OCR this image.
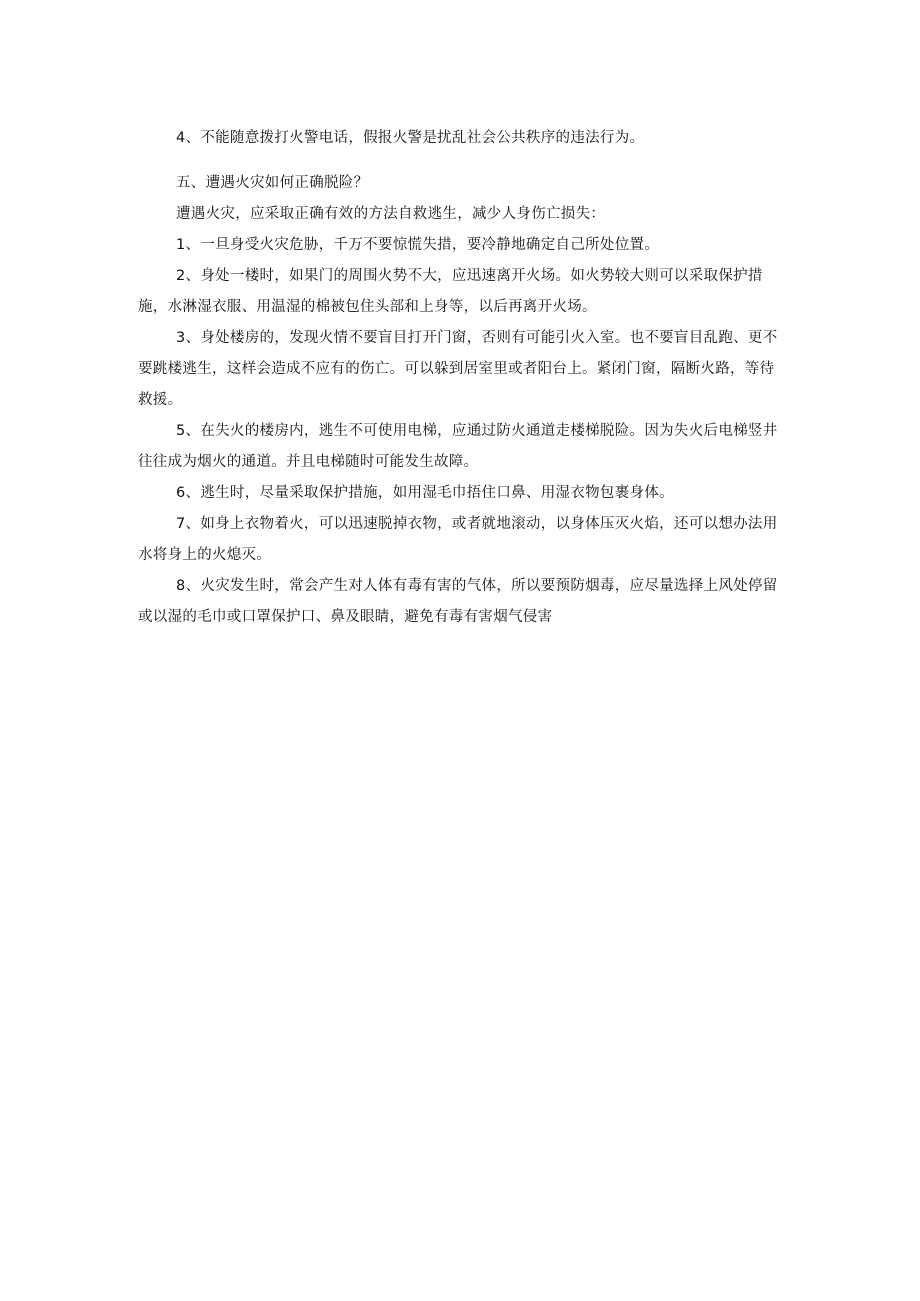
4、不能随意拨打火警电话，假报火警是扰乱社会公共秩序的违法行为。

五、遭遇火灾如何正确脱险？

遭遇火灾，应采取正确有效的方法自救逃生，减少人身伤亡损失：

1、一旦身受火灾危胁，千万不要惊慌失措，要冷静地确定自己所处位置。

2、身处一楼时，如果门的周围火势不大，应迅速离开火场。如火势较大则可以采取保护措施，水淋湿衣服、用温湿的棉被包住头部和上身等，以后再离开火场。

3、身处楼房的，发现火情不要盲目打开门窗，否则有可能引火入室。也不要盲目乱跑、更不要跳楼逃生，这样会造成不应有的伤亡。可以躲到居室里或者阳台上。紧闭门窗，隔断火路，等待救援。

5、在失火的楼房内，逃生不可使用电梯，应通过防火通道走楼梯脱险。因为失火后电梯竖井往往成为烟火的通道。并且电梯随时可能发生故障。

6、逃生时，尽量采取保护措施，如用湿毛巾捂住口鼻、用湿衣物包裹身体。

7、如身上衣物着火，可以迅速脱掉衣物，或者就地滚动，以身体压灭火焰，还可以想办法用水将身上的火熄灭。

8、火灾发生时，常会产生对人体有毒有害的气体，所以要预防烟毒，应尽量选择上风处停留或以湿的毛巾或口罩保护口、鼻及眼睛，避免有毒有害烟气侵害
